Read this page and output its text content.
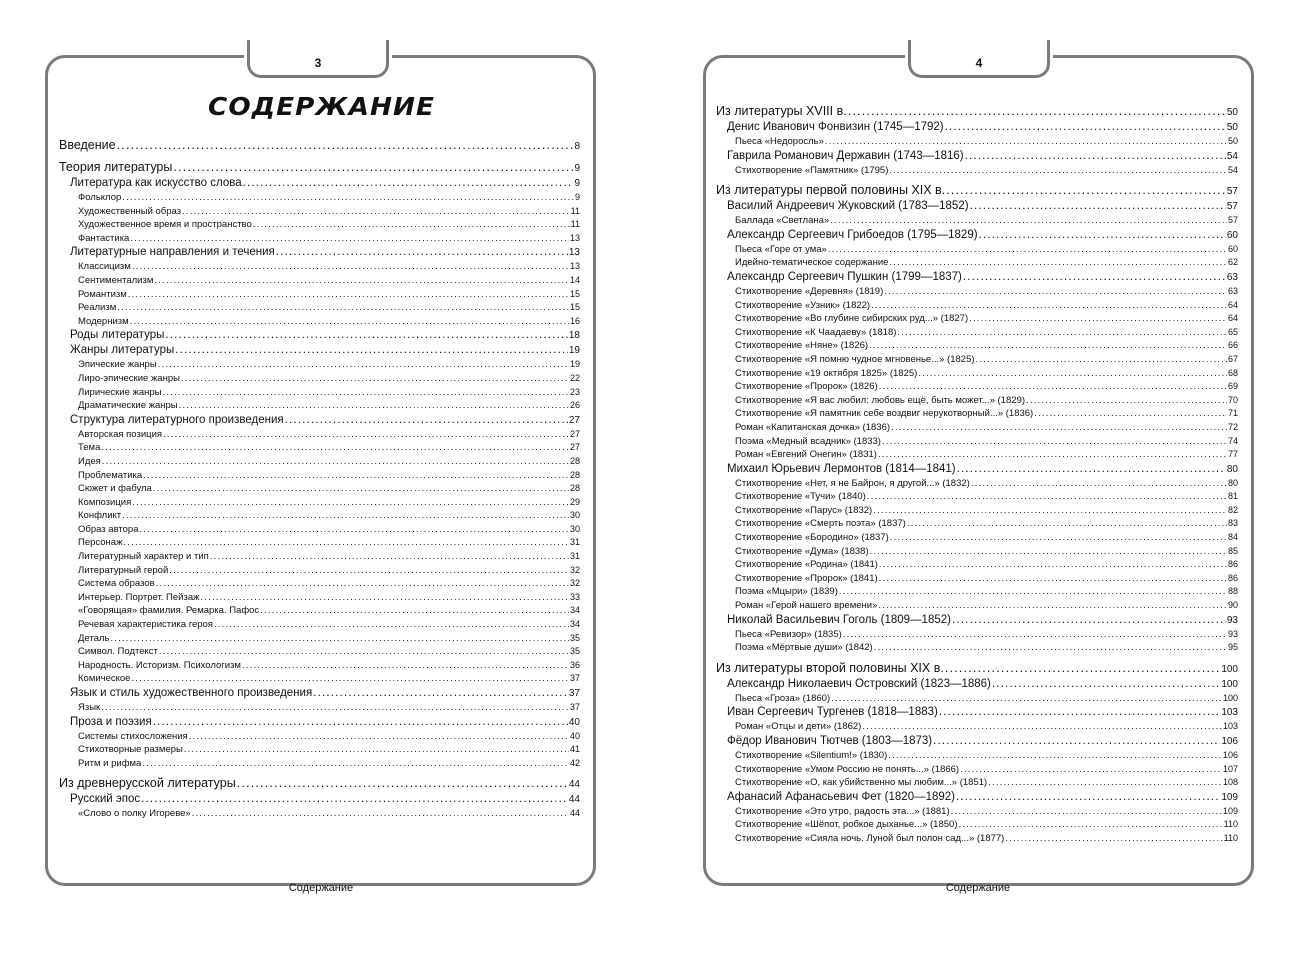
3
СОДЕРЖАНИЕ
Введение .....	8
Теория литературы .....	9
Литература как искусство слова .....	9
Фольклор .....	9
Художественный образ .....	11
Художественное время и пространство .....	11
Фантастика .....	13
Литературные направления и течения .....	13
Классицизм .....	13
Сентиментализм .....	14
Романтизм .....	15
Реализм .....	15
Модернизм .....	16
Роды литературы .....	18
Жанры литературы .....	19
Эпические жанры .....	19
Лиро-эпические жанры .....	22
Лирические жанры .....	23
Драматические жанры .....	26
Структура литературного произведения .....	27
Авторская позиция .....	27
Тема .....	27
Идея .....	28
Проблематика .....	28
Сюжет и фабула .....	28
Композиция .....	29
Конфликт .....	30
Образ автора .....	30
Персонаж .....	31
Литературный характер и тип .....	31
Литературный герой .....	32
Система образов .....	32
Интерьер. Портрет. Пейзаж .....	33
«Говорящая» фамилия. Ремарка. Пафос .....	34
Речевая характеристика героя .....	34
Деталь .....	35
Символ. Подтекст .....	35
Народность. Историзм. Психологизм .....	36
Комическое .....	37
Язык и стиль художественного произведения .....	37
Язык .....	37
Проза и поэзия .....	40
Системы стихосложения .....	40
Стихотворные размеры .....	41
Ритм и рифма .....	42
Из древнерусской литературы .....	44
Русский эпос .....	44
«Слово о полку Игореве» .....	44
Содержание
4
Из литературы XVIII в. .....	50
Денис Иванович Фонвизин (1745—1792) .....	50
Пьеса «Недоросль» .....	50
Гаврила Романович Державин (1743—1816) .....	54
Стихотворение «Памятник» (1795) .....	54
Из литературы первой половины XIX в. .....	57
Василий Андреевич Жуковский (1783—1852) .....	57
Баллада «Светлана» .....	57
Александр Сергеевич Грибоедов (1795—1829) .....	60
Пьеса «Горе от ума» .....	60
Идейно-тематическое содержание .....	62
Александр Сергеевич Пушкин (1799—1837) .....	63
Стихотворение «Деревня» (1819) .....	63
Стихотворение «Узник» (1822) .....	64
Стихотворение «Во глубине сибирских руд...» (1827) .....	64
Стихотворение «К Чаадаеву» (1818) .....	65
Стихотворение «Няне» (1826) .....	66
Стихотворение «Я помню чудное мгновенье...» (1825) .....	67
Стихотворение «19 октября 1825» (1825) .....	68
Стихотворение «Пророк» (1826) .....	69
Стихотворение «Я вас любил: любовь ещё, быть может...» (1829) .....	70
Стихотворение «Я памятник себе воздвиг нерукотворный...» (1836) .....	71
Роман «Капитанская дочка» (1836) .....	72
Поэма «Медный всадник» (1833) .....	74
Роман «Евгений Онегин» (1831) .....	77
Михаил Юрьевич Лермонтов (1814—1841) .....	80
Стихотворение «Нет, я не Байрон, я другой...» (1832) .....	80
Стихотворение «Тучи» (1840) .....	81
Стихотворение «Парус» (1832) .....	82
Стихотворение «Смерть поэта» (1837) .....	83
Стихотворение «Бородино» (1837) .....	84
Стихотворение «Дума» (1838) .....	85
Стихотворение «Родина» (1841) .....	86
Стихотворение «Пророк» (1841) .....	86
Поэма «Мцыри» (1839) .....	88
Роман «Герой нашего времени» .....	90
Николай Васильевич Гоголь (1809—1852) .....	93
Пьеса «Ревизор» (1835) .....	93
Поэма «Мёртвые души» (1842) .....	95
Из литературы второй половины XIX в. .....	100
Александр Николаевич Островский (1823—1886) .....	100
Пьеса «Гроза» (1860) .....	100
Иван Сергеевич Тургенев (1818—1883) .....	103
Роман «Отцы и дети» (1862) .....	103
Фёдор Иванович Тютчев (1803—1873) .....	106
Стихотворение «Silentium!» (1830) .....	106
Стихотворение «Умом Россию не понять...» (1866) .....	107
Стихотворение «О, как убийственно мы любим...» (1851) .....	108
Афанасий Афанасьевич Фет (1820—1892) .....	109
Стихотворение «Это утро, радость эта...» (1881) .....	109
Стихотворение «Шёпот, робкое дыханье...» (1850) .....	110
Стихотворение «Сияла ночь. Луной был полон сад...» (1877) .....	110
Содержание
